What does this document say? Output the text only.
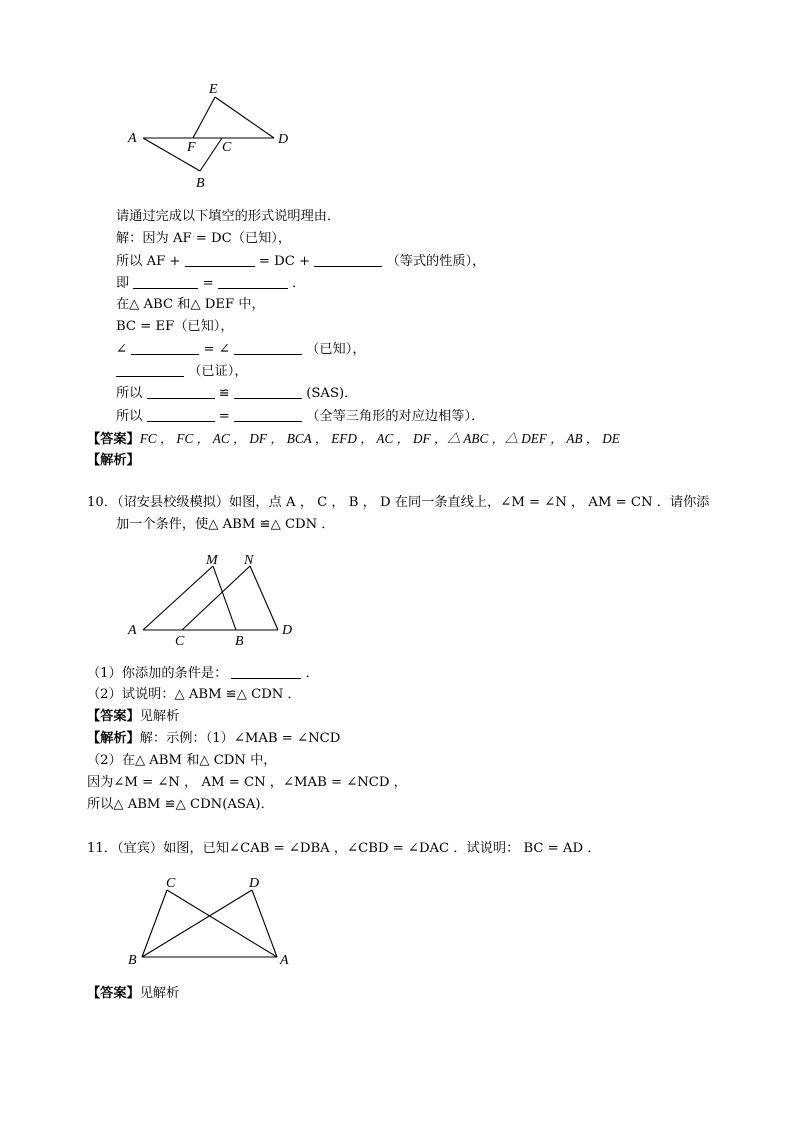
A
E
D
F C
B
A
M N
C	B
D
C	D
B	A
请通过完成以下填空的形式说明理由．
解：因为 AF = DC（已知），
所以 AF +	= DC +	（等式的性质），
即	=	．
在△ ABC 和△ DEF 中，
BC = EF（已知），
∠	= ∠	（已知），
（已证），
所以	≌	(SAS)．
所以	=	（全等三角形的对应边相等）．
【答案】FC ， FC ， AC ， DF ， BCA ， EFD ， AC ， DF ，△ ABC ，△ DEF ， AB ， DE
【解析】
10．（诏安县校级模拟）如图，点 A ， C ， B ， D 在同一条直线上，∠M = ∠N ， AM = CN ．请你添
加一个条件，使△ ABM ≌△ CDN ．
（1）你添加的条件是：	．
（2）试说明：△ ABM ≌△ CDN ．
【答案】见解析
【解析】解：示例：（1）∠MAB = ∠NCD
（2）在△ ABM 和△ CDN 中，
因为∠M = ∠N ， AM = CN ，∠MAB = ∠NCD ，
所以△ ABM ≌△ CDN(ASA)．
11．（宜宾）如图，已知∠CAB = ∠DBA ，∠CBD = ∠DAC ．试说明： BC = AD ．
【答案】见解析
